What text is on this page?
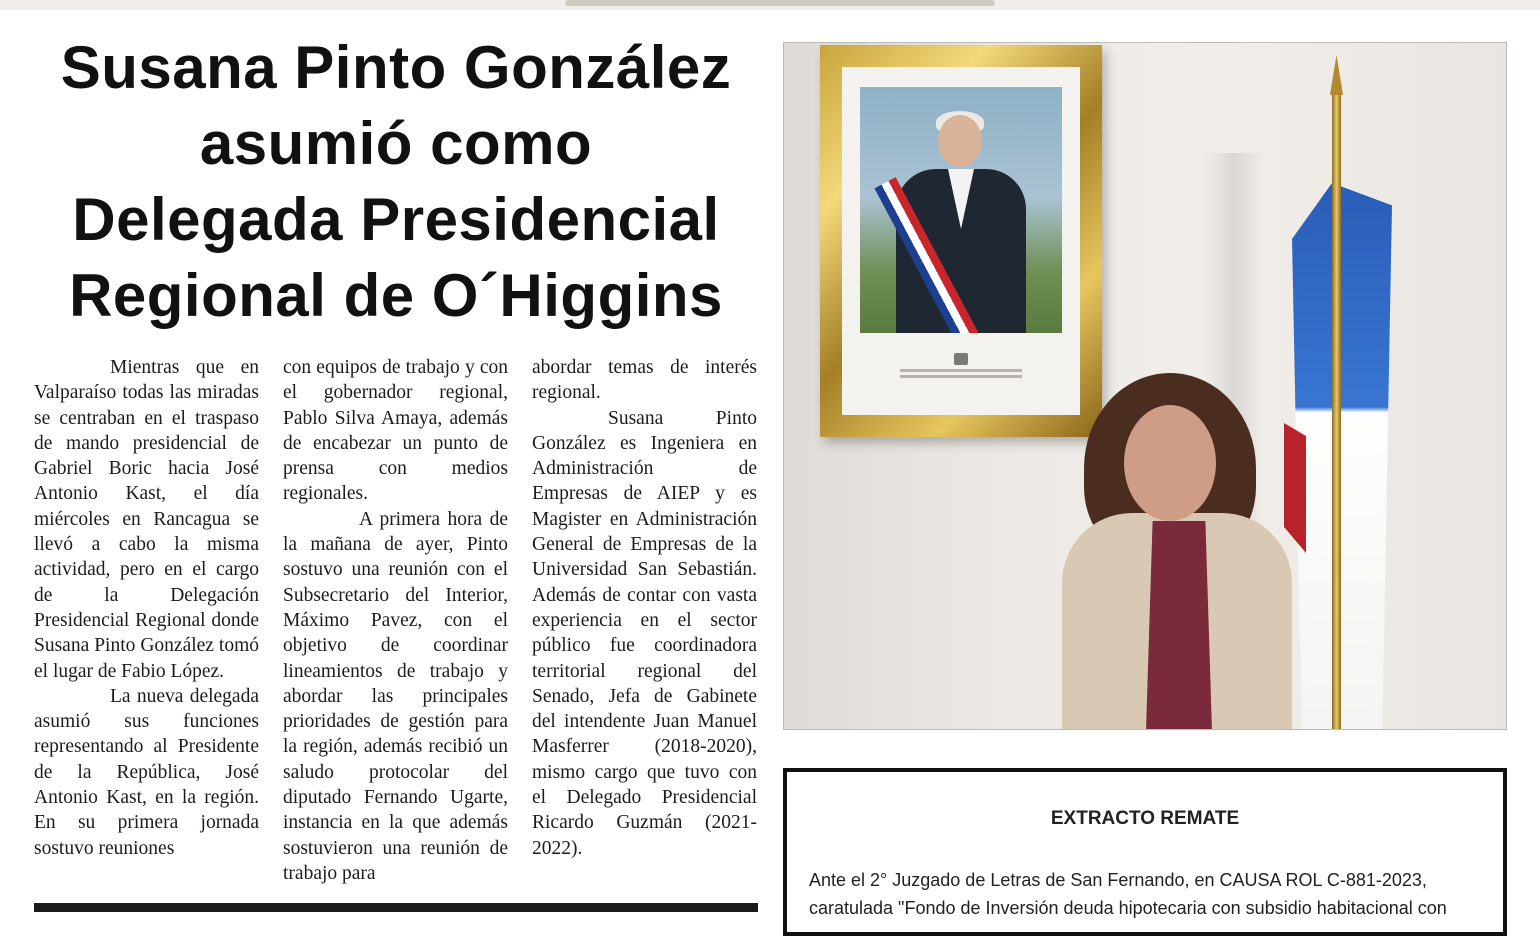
Susana Pinto González
asumió como
Delegada Presidencial
Regional de O´Higgins

Mientras que en Valparaíso todas las miradas se centraban en el traspaso de mando presidencial de Gabriel Boric hacia José Antonio Kast, el día miércoles en Rancagua se llevó a cabo la misma actividad, pero en el cargo de la Delegación Presidencial Regional donde Susana Pinto González tomó el lugar de Fabio López.

La nueva delegada asumió sus funciones representando al Presidente de la República, José Antonio Kast, en la región. En su primera jornada sostuvo reuniones

con equipos de trabajo y con el gobernador regional, Pablo Silva Amaya, además de encabezar un punto de prensa con medios regionales.

A primera hora de la mañana de ayer, Pinto sostuvo una reunión con el Subsecretario del Interior, Máximo Pavez, con el objetivo de coordinar lineamientos de trabajo y abordar las principales prioridades de gestión para la región, además recibió un saludo protocolar del diputado Fernando Ugarte, instancia en la que además sostuvieron una reunión de trabajo para

abordar temas de interés regional.

Susana Pinto González es Ingeniera en Administración de Empresas de AIEP y es Magister en Administración General de Empresas de la Universidad San Sebastián. Además de contar con vasta experiencia en el sector público fue coordinadora territorial regional del Senado, Jefa de Gabinete del intendente Juan Manuel Masferrer (2018-2020), mismo cargo que tuvo con el Delegado Presidencial Ricardo Guzmán (2021-2022).

EXTRACTO REMATE
Ante el 2° Juzgado de Letras de San Fernando, en CAUSA ROL C-881-2023,
caratulada "Fondo de Inversión deuda hipotecaria con subsidio habitacional con
